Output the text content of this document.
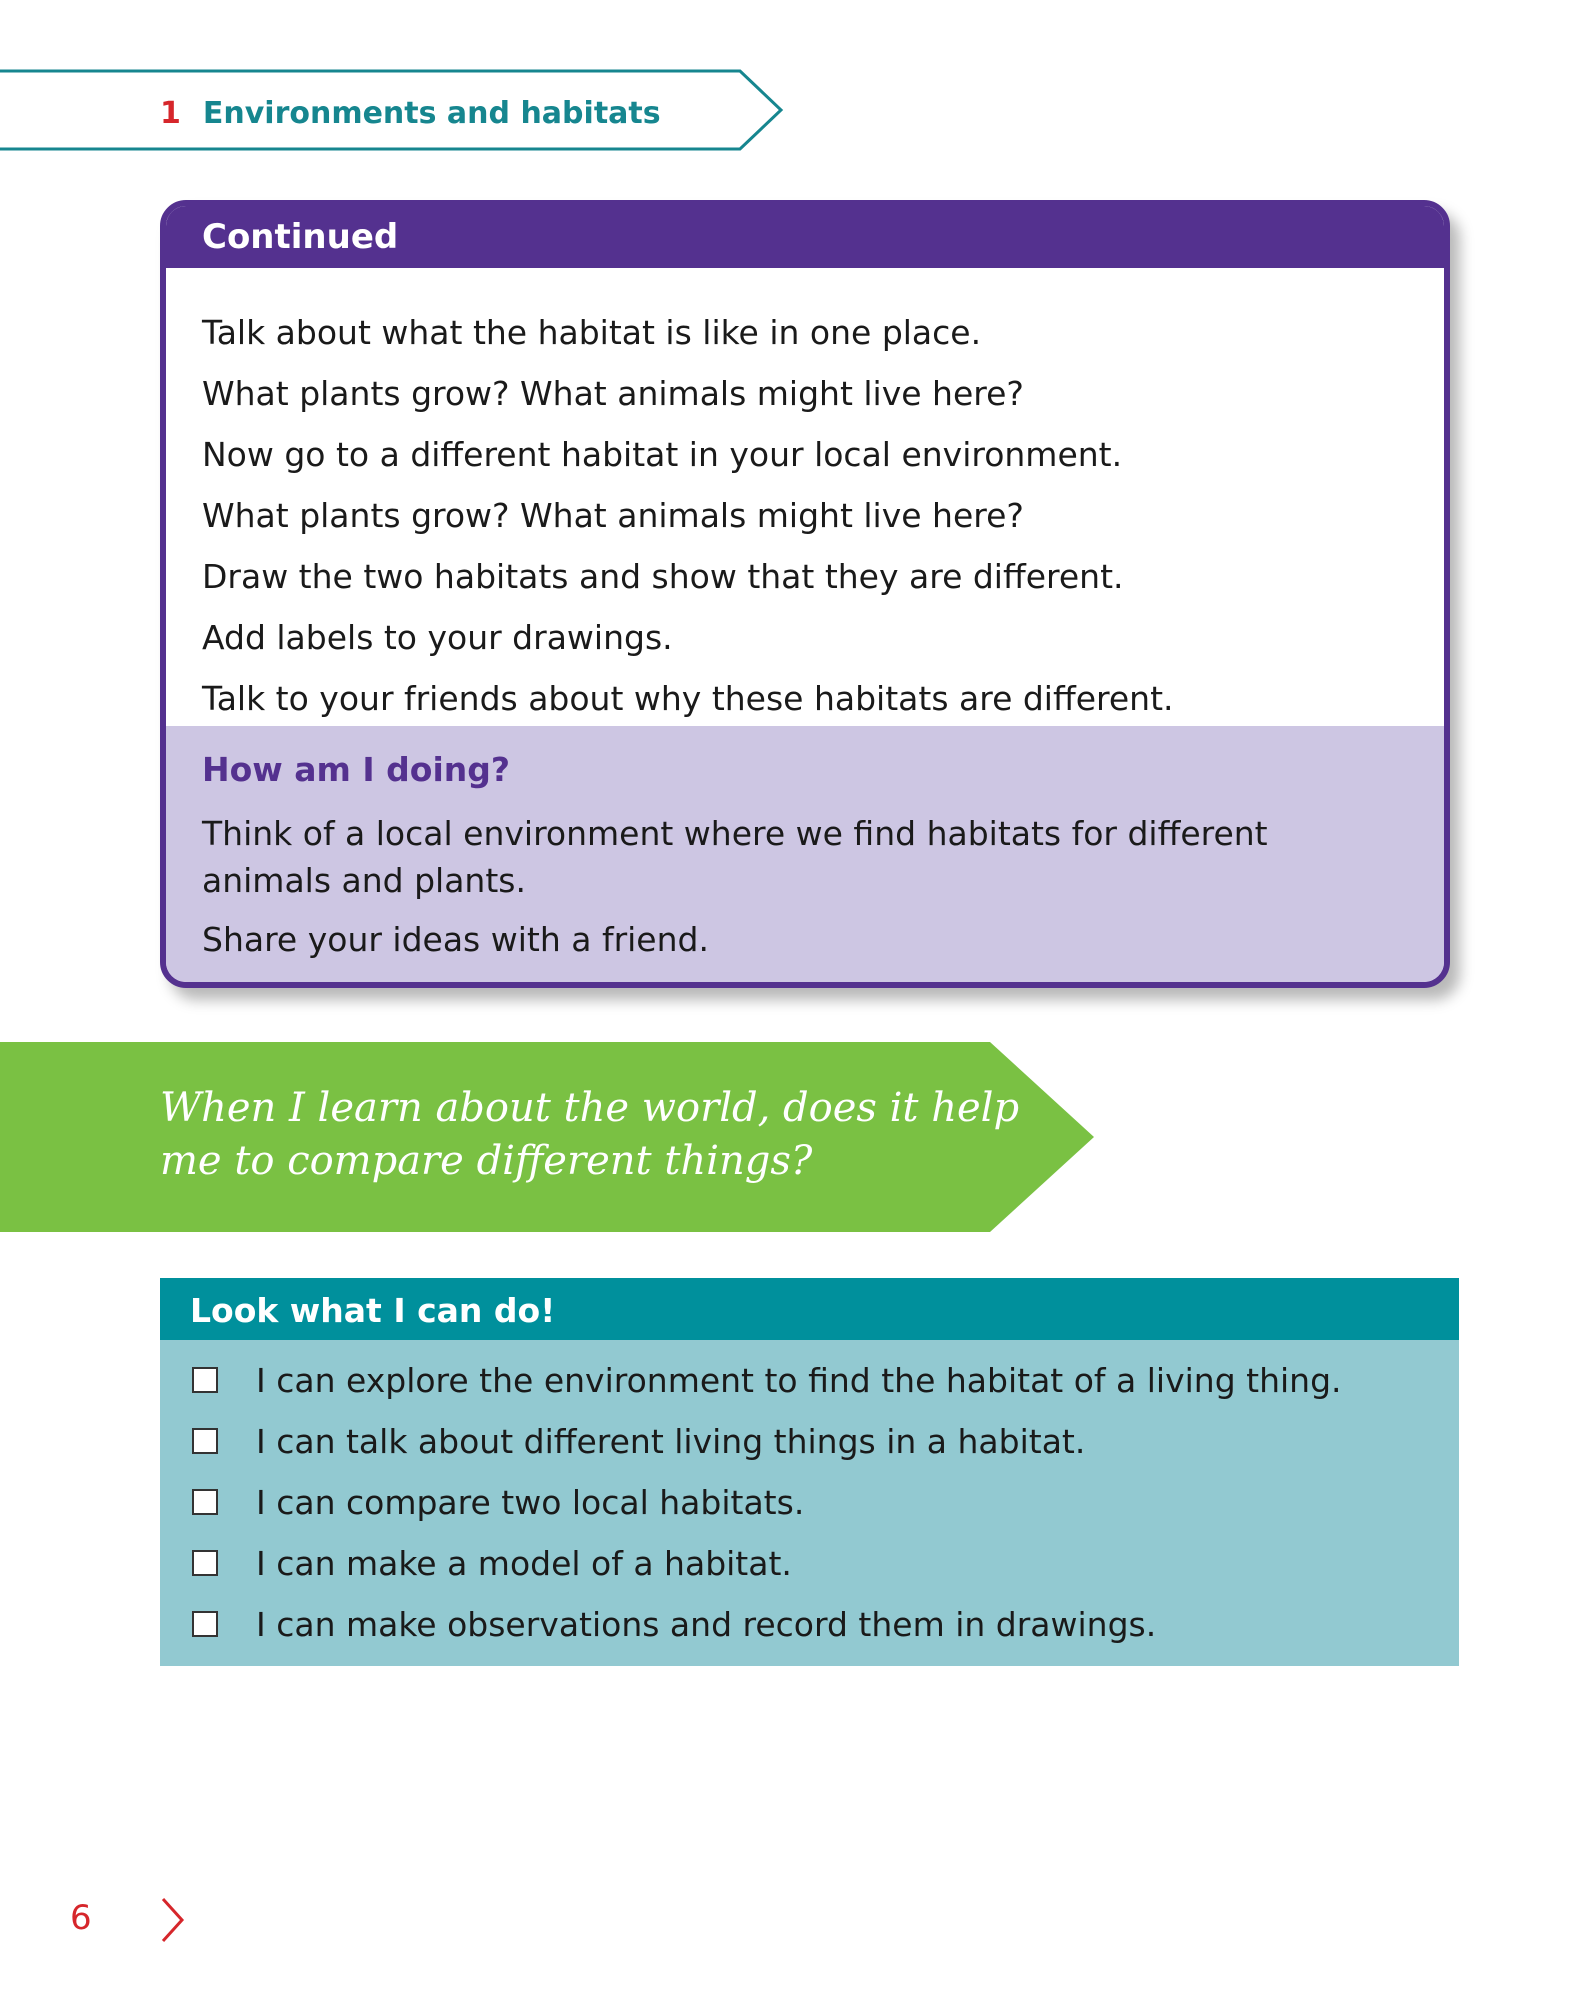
1 Environments and habitats
Continued
Talk about what the habitat is like in one place.
What plants grow? What animals might live here?
Now go to a different habitat in your local environment.
What plants grow? What animals might live here?
Draw the two habitats and show that they are different.
Add labels to your drawings.
Talk to your friends about why these habitats are different.
How am I doing?
Think of a local environment where we find habitats for different animals and plants.
Share your ideas with a friend.
When I learn about the world, does it help me to compare different things?
Look what I can do!
I can explore the environment to find the habitat of a living thing.
I can talk about different living things in a habitat.
I can compare two local habitats.
I can make a model of a habitat.
I can make observations and record them in drawings.
6
